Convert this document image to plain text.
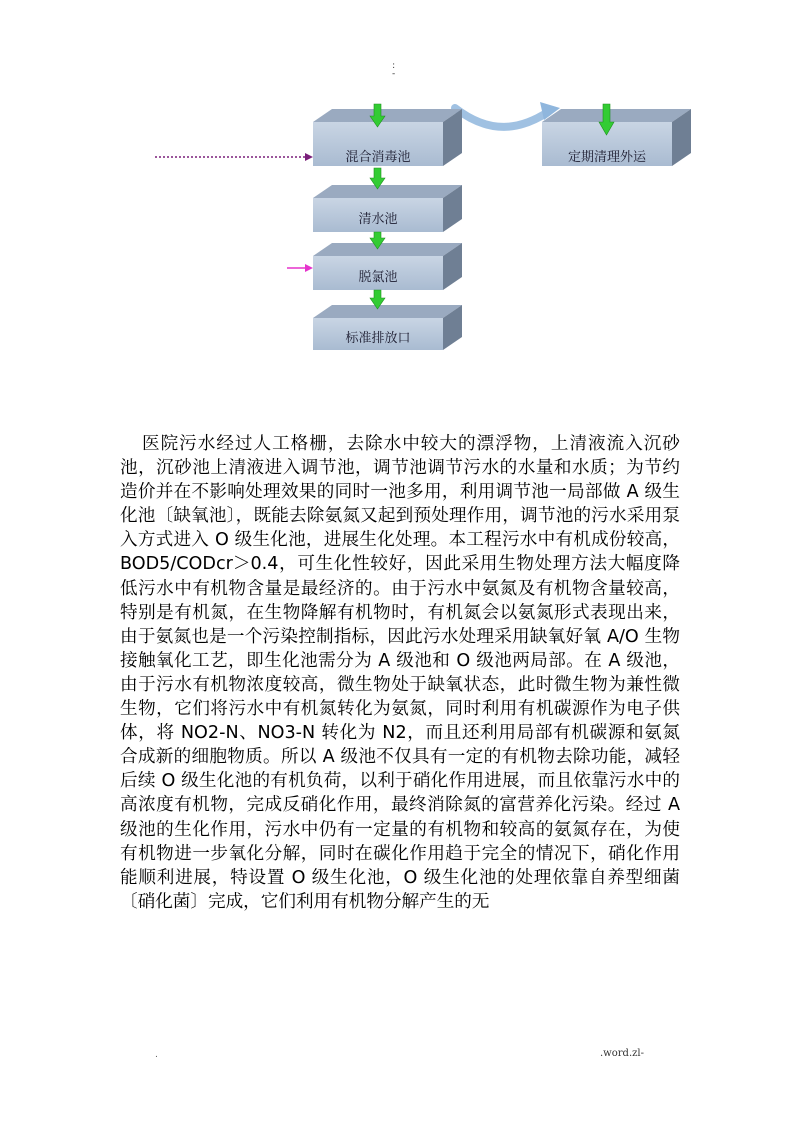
:
-
混合消毒池	定期清理外运
清水池
脱氯池
标准排放口

医院污水经过人工格栅，去除水中较大的漂浮物，上清液流入沉砂池，沉砂池上清液进入调节池，调节池调节污水的水量和水质；为节约造价并在不影响处理效果的同时一池多用，利用调节池一局部做 A 级生化池〔缺氧池〕，既能去除氨氮又起到预处理作用，调节池的污水采用泵入方式进入 O 级生化池，进展生化处理。本工程污水中有机成份较高，BOD5/CODcr＞0.4，可生化性较好，因此采用生物处理方法大幅度降低污水中有机物含量是最经济的。由于污水中氨氮及有机物含量较高，特别是有机氮，在生物降解有机物时，有机氮会以氨氮形式表现出来，由于氨氮也是一个污染控制指标，因此污水处理采用缺氧好氧 A/O 生物接触氧化工艺，即生化池需分为 A 级池和 O 级池两局部。在 A 级池，由于污水有机物浓度较高，微生物处于缺氧状态，此时微生物为兼性微生物，它们将污水中有机氮转化为氨氮，同时利用有机碳源作为电子供体，将 NO2-N、NO3-N 转化为 N2，而且还利用局部有机碳源和氨氮合成新的细胞物质。所以 A 级池不仅具有一定的有机物去除功能，减轻后续 O 级生化池的有机负荷，以利于硝化作用进展，而且依靠污水中的高浓度有机物，完成反硝化作用，最终消除氮的富营养化污染。经过 A 级池的生化作用，污水中仍有一定量的有机物和较高的氨氮存在，为使有机物进一步氧化分解，同时在碳化作用趋于完全的情况下，硝化作用能顺利进展，特设置 O 级生化池，O 级生化池的处理依靠自养型细菌〔硝化菌〕完成，它们利用有机物分解产生的无

.	.word.zl-
